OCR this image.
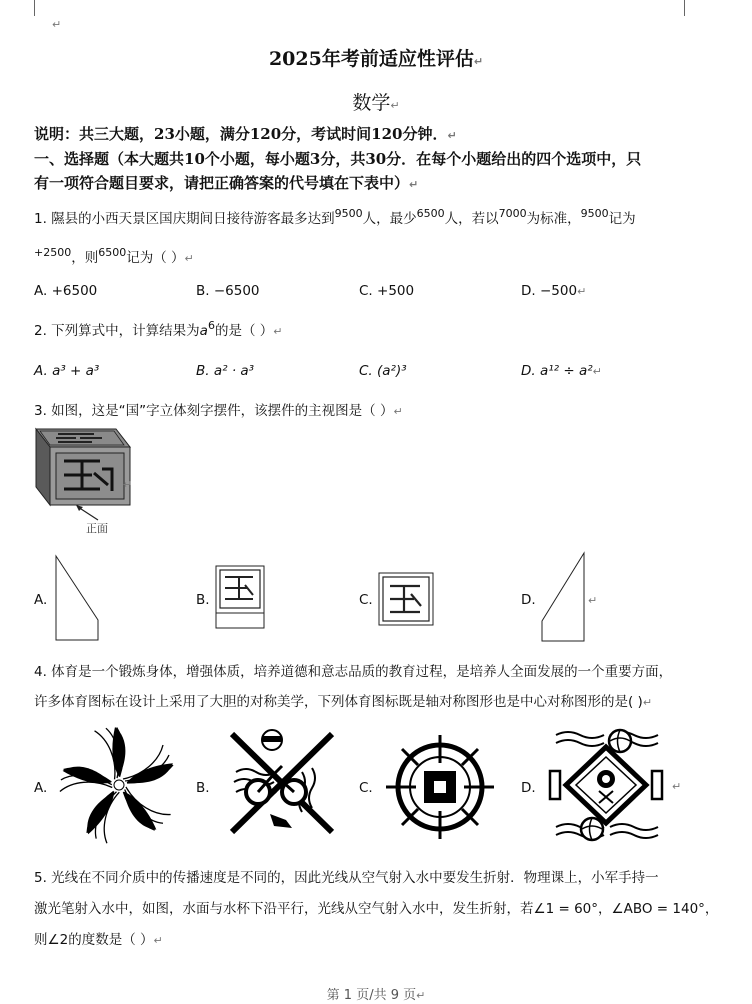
↵
2025年考前适应性评估↵
数学↵
说明：共三大题，23小题，满分120分，考试时间120分钟．↵
一、选择题（本大题共10个小题，每小题3分，共30分．在每个小题给出的四个选项中，只
有一项符合题目要求，请把正确答案的代号填在下表中）↵
1. 隰县的小西天景区国庆期间日接待游客最多达到$^{9500}$人，最少$^{6500}$人，若以$^{7000}$为标准，$^{9500}$记为
$^{+2500}$，则$^{6500}$记为（ ）↵
A. +6500	B. −6500	C. +500	D. −500↵
2. 下列算式中，计算结果为$a^6$的是（ ）↵
A. a³ + a³	B. a² · a³	C. (a²)³	D. a¹² ÷ a²↵
3. 如图，这是“国”字立体刻字摆件，该摆件的主视图是（ ）↵
↵
正面
A.	B.	C.	D.	↵
4. 体育是一个锻炼身体，增强体质，培养道德和意志品质的教育过程，是培养人全面发展的一个重要方面，
许多体育图标在设计上采用了大胆的对称美学，下列体育图标既是轴对称图形也是中心对称图形的是( )↵
A.	B.	C.	D.	↵
5. 光线在不同介质中的传播速度是不同的，因此光线从空气射入水中要发生折射．物理课上，小军手持一
激光笔射入水中，如图，水面与水杯下沿平行，光线从空气射入水中，发生折射，若∠1 = 60°，∠ABO = 140°，
则∠2的度数是（ ）↵
第 1 页/共 9 页↵
